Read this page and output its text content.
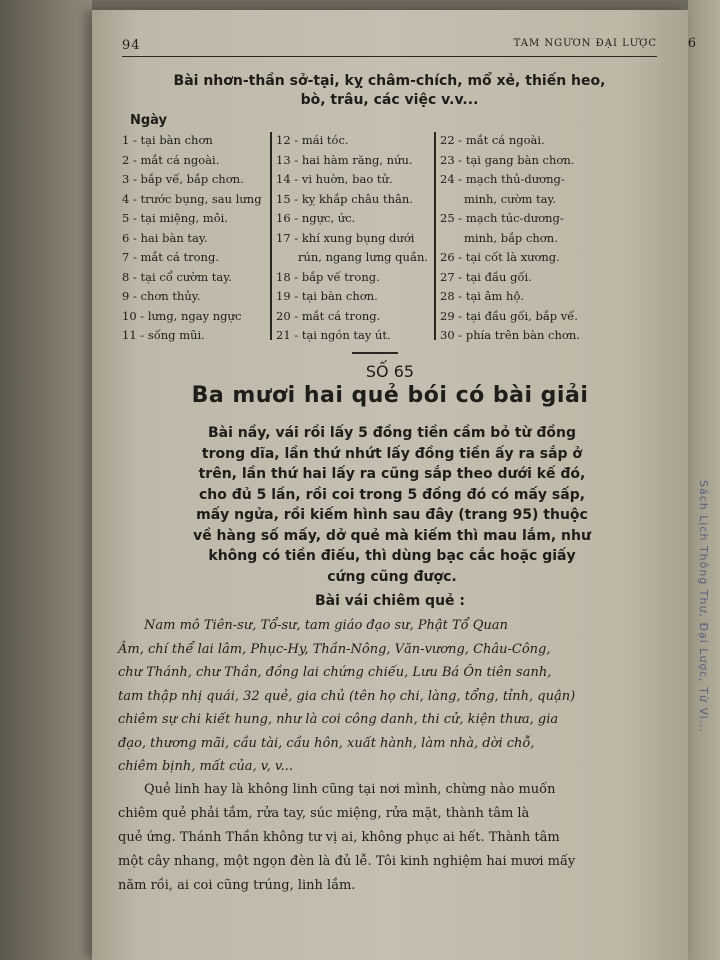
Sách Lịch Thông Thư, Đại Lược, Tử Vi...
94	TAM NGƯƠN ĐẠI LƯỢC 6
Bài nhơn-thần sở-tại, kỵ châm-chích, mổ xẻ, thiến heo,
bò, trâu, các việc v.v...
Ngày
1 - tại bàn chơn
2 - mắt cá ngoài.
3 - bắp vế, bắp chơn.
4 - trước bụng, sau lưng
5 - tại miệng, môi.
6 - hai bàn tay.
7 - mắt cá trong.
8 - tại cổ cườm tay.
9 - chơn thủy.
10 - lưng, ngay ngực
11 - sống mũi.
12 - mái tóc.
13 - hai hàm răng, nứu.
14 - vi huờn, bao tử.
15 - kỵ khắp châu thân.
16 - ngực, ức.
17 - khí xung bụng dưới
rún, ngang lưng quần.
18 - bắp vế trong.
19 - tại bàn chơn.
20 - mắt cá trong.
21 - tại ngón tay út.
22 - mắt cá ngoài.
23 - tại gang bàn chơn.
24 - mạch thủ-dương-
minh, cườm tay.
25 - mạch túc-dương-
minh, bắp chơn.
26 - tại cốt là xương.
27 - tại đầu gối.
28 - tại âm hộ.
29 - tại đầu gối, bắp vế.
30 - phía trên bàn chơn.
SỐ 65
Ba mươi hai quẻ bói có bài giải
Bài nầy, vái rồi lấy 5 đồng tiền cầm bỏ từ đồng
trong dĩa, lần thứ nhứt lấy đồng tiền ấy ra sắp ở
trên, lần thứ hai lấy ra cũng sắp theo dưới kế đó,
cho đủ 5 lần, rồi coi trong 5 đồng đó có mấy sấp,
mấy ngửa, rồi kiếm hình sau đây (trang 95) thuộc
về hàng số mấy, dở quẻ mà kiếm thì mau lắm, như
không có tiền điếu, thì dùng bạc cắc hoặc giấy
cứng cũng được.
Bài vái chiêm quẻ :
Nam mô Tiên-sư, Tổ-sư, tam giáo đạo sư, Phật Tổ Quan
Âm, chí thể lai lâm, Phục-Hy, Thần-Nông, Văn-vương, Châu-Công,
chư Thánh, chư Thần, đồng lai chứng chiếu, Lưu Bá Ôn tiên sanh,
tam thập nhị quái, 32 quẻ, gia chủ (tên họ chi, làng, tổng, tỉnh, quận)
chiêm sự chi kiết hung, như là coi công danh, thi cử, kiện thưa, gia
đạo, thương mãi, cầu tài, cầu hôn, xuất hành, làm nhà, dời chỗ,
chiêm bịnh, mất của, v, v...
Quẻ linh hay là không linh cũng tại nơi mình, chừng nào muốn
chiêm quẻ phải tắm, rửa tay, súc miệng, rửa mặt, thành tâm là
quẻ ứng. Thánh Thần không tư vị ai, không phục ai hết. Thành tâm
một cây nhang, một ngọn đèn là đủ lễ. Tôi kinh nghiệm hai mươi mấy
năm rồi, ai coi cũng trúng, linh lắm.
